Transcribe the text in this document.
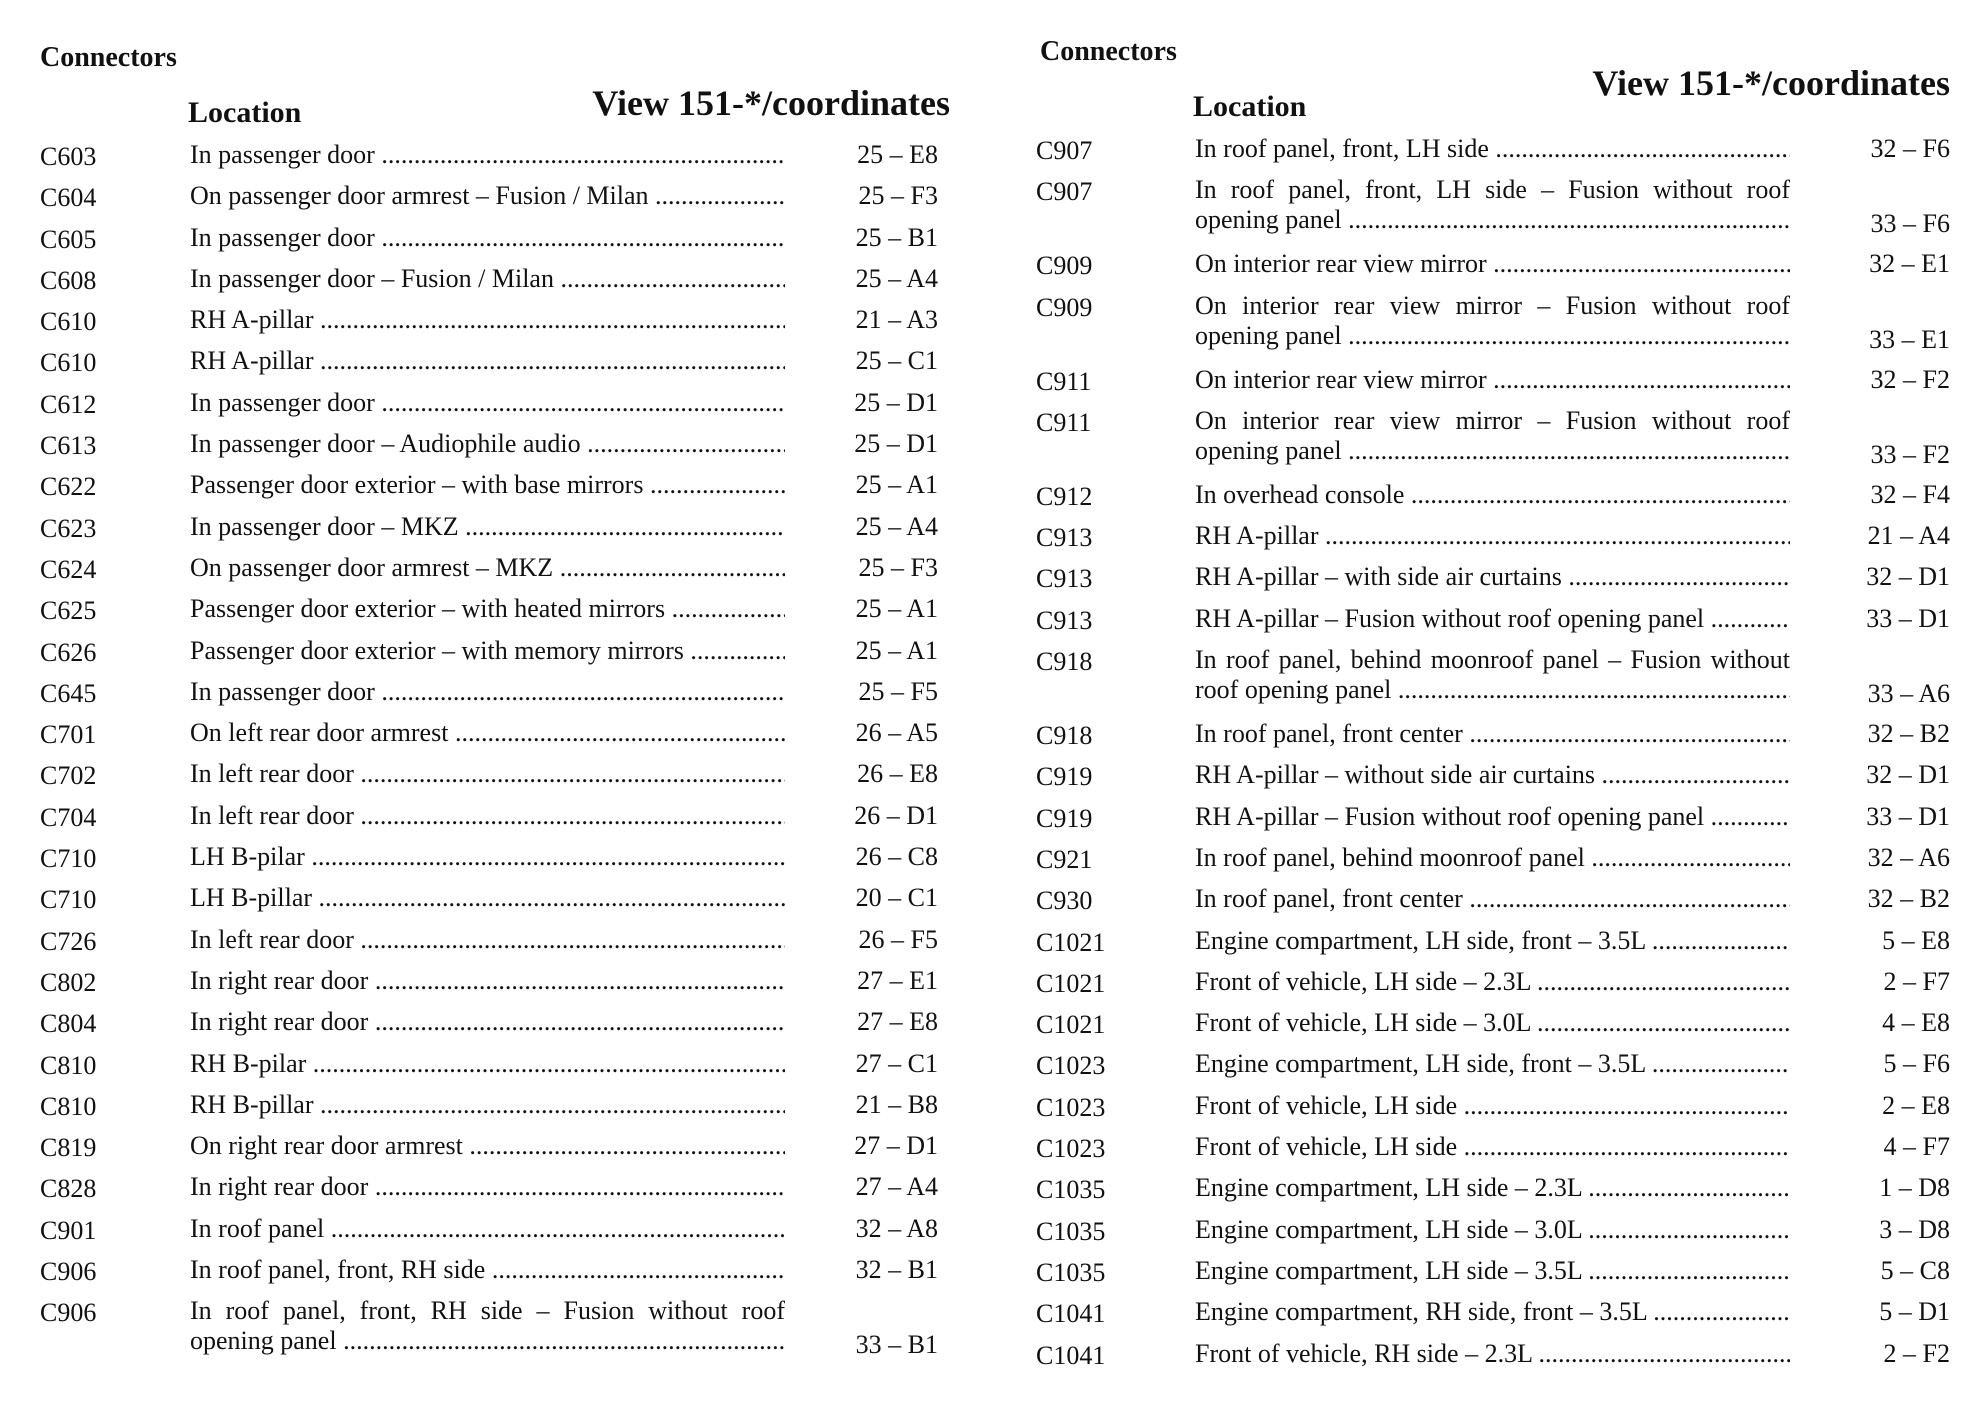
Connectors
Location	View 151-*/coordinates
C603	In passenger door .....	25 – E8
C604	On passenger door armrest – Fusion / Milan .....	25 – F3
C605	In passenger door .....	25 – B1
C608	In passenger door – Fusion / Milan .....	25 – A4
C610	RH A-pillar .....	21 – A3
C610	RH A-pillar .....	25 – C1
C612	In passenger door .....	25 – D1
C613	In passenger door – Audiophile audio .....	25 – D1
C622	Passenger door exterior – with base mirrors .....	25 – A1
C623	In passenger door – MKZ .....	25 – A4
C624	On passenger door armrest – MKZ .....	25 – F3
C625	Passenger door exterior – with heated mirrors .....	25 – A1
C626	Passenger door exterior – with memory mirrors .....	25 – A1
C645	In passenger door .....	25 – F5
C701	On left rear door armrest .....	26 – A5
C702	In left rear door .....	26 – E8
C704	In left rear door .....	26 – D1
C710	LH B-pilar .....	26 – C8
C710	LH B-pillar .....	20 – C1
C726	In left rear door .....	26 – F5
C802	In right rear door .....	27 – E1
C804	In right rear door .....	27 – E8
C810	RH B-pilar .....	27 – C1
C810	RH B-pillar .....	21 – B8
C819	On right rear door armrest .....	27 – D1
C828	In right rear door .....	27 – A4
C901	In roof panel .....	32 – A8
C906	In roof panel, front, RH side .....	32 – B1
C906	In roof panel, front, RH side – Fusion without roof
opening panel .....	33 – B1
Connectors
Location
View 151-*/coordinates
C907	In roof panel, front, LH side .....	32 – F6
C907	In roof panel, front, LH side – Fusion without roof
opening panel .....	33 – F6
C909	On interior rear view mirror .....	32 – E1
C909	On interior rear view mirror – Fusion without roof
opening panel .....	33 – E1
C911	On interior rear view mirror .....	32 – F2
C911	On interior rear view mirror – Fusion without roof
opening panel .....	33 – F2
C912	In overhead console .....	32 – F4
C913	RH A-pillar .....	21 – A4
C913	RH A-pillar – with side air curtains .....	32 – D1
C913	RH A-pillar – Fusion without roof opening panel .....	33 – D1
C918	In roof panel, behind moonroof panel – Fusion without
roof opening panel .....	33 – A6
C918	In roof panel, front center .....	32 – B2
C919	RH A-pillar – without side air curtains .....	32 – D1
C919	RH A-pillar – Fusion without roof opening panel .....	33 – D1
C921	In roof panel, behind moonroof panel .....	32 – A6
C930	In roof panel, front center .....	32 – B2
C1021	Engine compartment, LH side, front – 3.5L .....	5 – E8
C1021	Front of vehicle, LH side – 2.3L .....	2 – F7
C1021	Front of vehicle, LH side – 3.0L .....	4 – E8
C1023	Engine compartment, LH side, front – 3.5L .....	5 – F6
C1023	Front of vehicle, LH side .....	2 – E8
C1023	Front of vehicle, LH side .....	4 – F7
C1035	Engine compartment, LH side – 2.3L .....	1 – D8
C1035	Engine compartment, LH side – 3.0L .....	3 – D8
C1035	Engine compartment, LH side – 3.5L .....	5 – C8
C1041	Engine compartment, RH side, front – 3.5L .....	5 – D1
C1041	Front of vehicle, RH side – 2.3L .....	2 – F2
